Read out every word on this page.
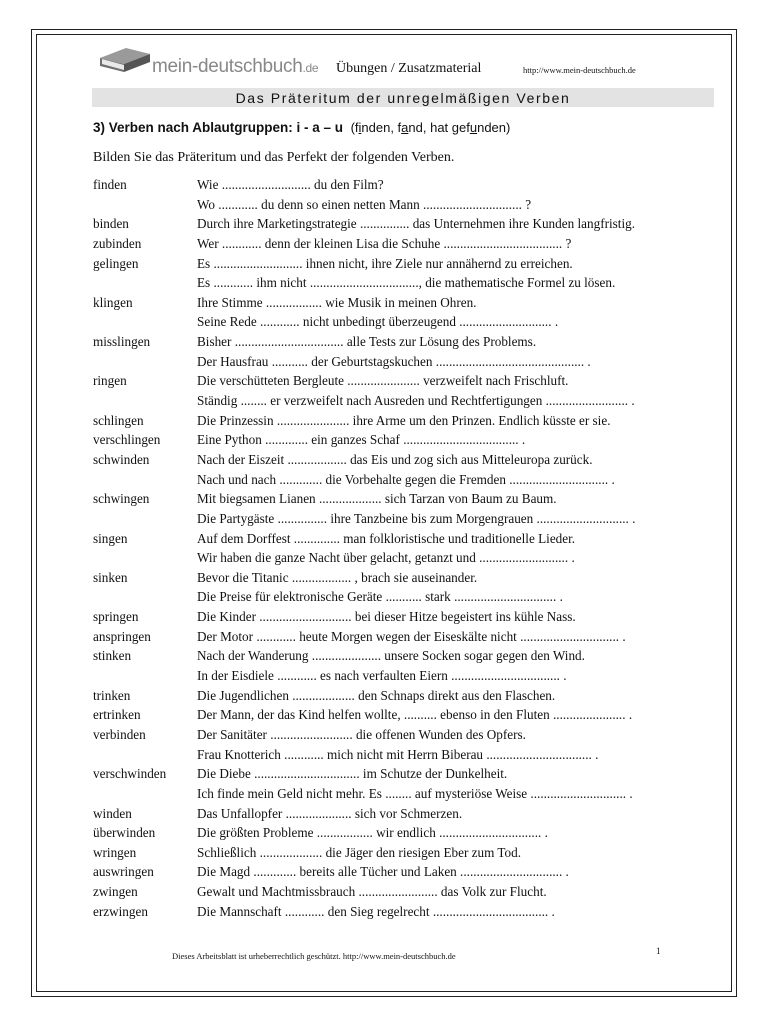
mein-deutschbuch.de Übungen / Zusatzmaterial	http://www.mein-deutschbuch.de
Das Präteritum der unregelmäßigen Verben
3) Verben nach Ablautgruppen: i - a – u (finden, fand, hat gefunden)
Bilden Sie das Präteritum und das Perfekt der folgenden Verben.
finden	Wie ........................... du den Film?
Wo ............ du denn so einen netten Mann .............................. ?
binden	Durch ihre Marketingstrategie ............... das Unternehmen ihre Kunden langfristig.
zubinden	Wer ............ denn der kleinen Lisa die Schuhe .................................... ?
gelingen	Es ........................... ihnen nicht, ihre Ziele nur annähernd zu erreichen.
Es ............ ihm nicht ................................., die mathematische Formel zu lösen.
klingen	Ihre Stimme ................. wie Musik in meinen Ohren.
Seine Rede ............ nicht unbedingt überzeugend ............................ .
misslingen	Bisher ................................. alle Tests zur Lösung des Problems.
Der Hausfrau ........... der Geburtstagskuchen ............................................. .
ringen	Die verschütteten Bergleute ...................... verzweifelt nach Frischluft.
Ständig ........ er verzweifelt nach Ausreden und Rechtfertigungen ......................... .
schlingen	Die Prinzessin ...................... ihre Arme um den Prinzen. Endlich küsste er sie.
verschlingen	Eine Python ............. ein ganzes Schaf ................................... .
schwinden	Nach der Eiszeit .................. das Eis und zog sich aus Mitteleuropa zurück.
Nach und nach ............. die Vorbehalte gegen die Fremden .............................. .
schwingen	Mit biegsamen Lianen ................... sich Tarzan von Baum zu Baum.
Die Partygäste ............... ihre Tanzbeine bis zum Morgengrauen ............................ .
singen	Auf dem Dorffest .............. man folkloristische und traditionelle Lieder.
Wir haben die ganze Nacht über gelacht, getanzt und ........................... .
sinken	Bevor die Titanic .................. , brach sie auseinander.
Die Preise für elektronische Geräte ........... stark ............................... .
springen	Die Kinder ............................ bei dieser Hitze begeistert ins kühle Nass.
anspringen	Der Motor ............ heute Morgen wegen der Eiseskälte nicht .............................. .
stinken	Nach der Wanderung ..................... unsere Socken sogar gegen den Wind.
In der Eisdiele ............ es nach verfaulten Eiern ................................. .
trinken	Die Jugendlichen ................... den Schnaps direkt aus den Flaschen.
ertrinken	Der Mann, der das Kind helfen wollte, .......... ebenso in den Fluten ...................... .
verbinden	Der Sanitäter ......................... die offenen Wunden des Opfers.
Frau Knotterich ............ mich nicht mit Herrn Biberau ................................ .
verschwinden Die Diebe ................................ im Schutze der Dunkelheit.
Ich finde mein Geld nicht mehr. Es ........ auf mysteriöse Weise ............................. .
winden	Das Unfallopfer .................... sich vor Schmerzen.
überwinden	Die größten Probleme ................. wir endlich ............................... .
wringen	Schließlich ................... die Jäger den riesigen Eber zum Tod.
auswringen	Die Magd ............. bereits alle Tücher und Laken ............................... .
zwingen	Gewalt und Machtmissbrauch ........................ das Volk zur Flucht.
erzwingen	Die Mannschaft ............ den Sieg regelrecht ................................... .
Dieses Arbeitsblatt ist urheberrechtlich geschützt. http://www.mein-deutschbuch.de	1
